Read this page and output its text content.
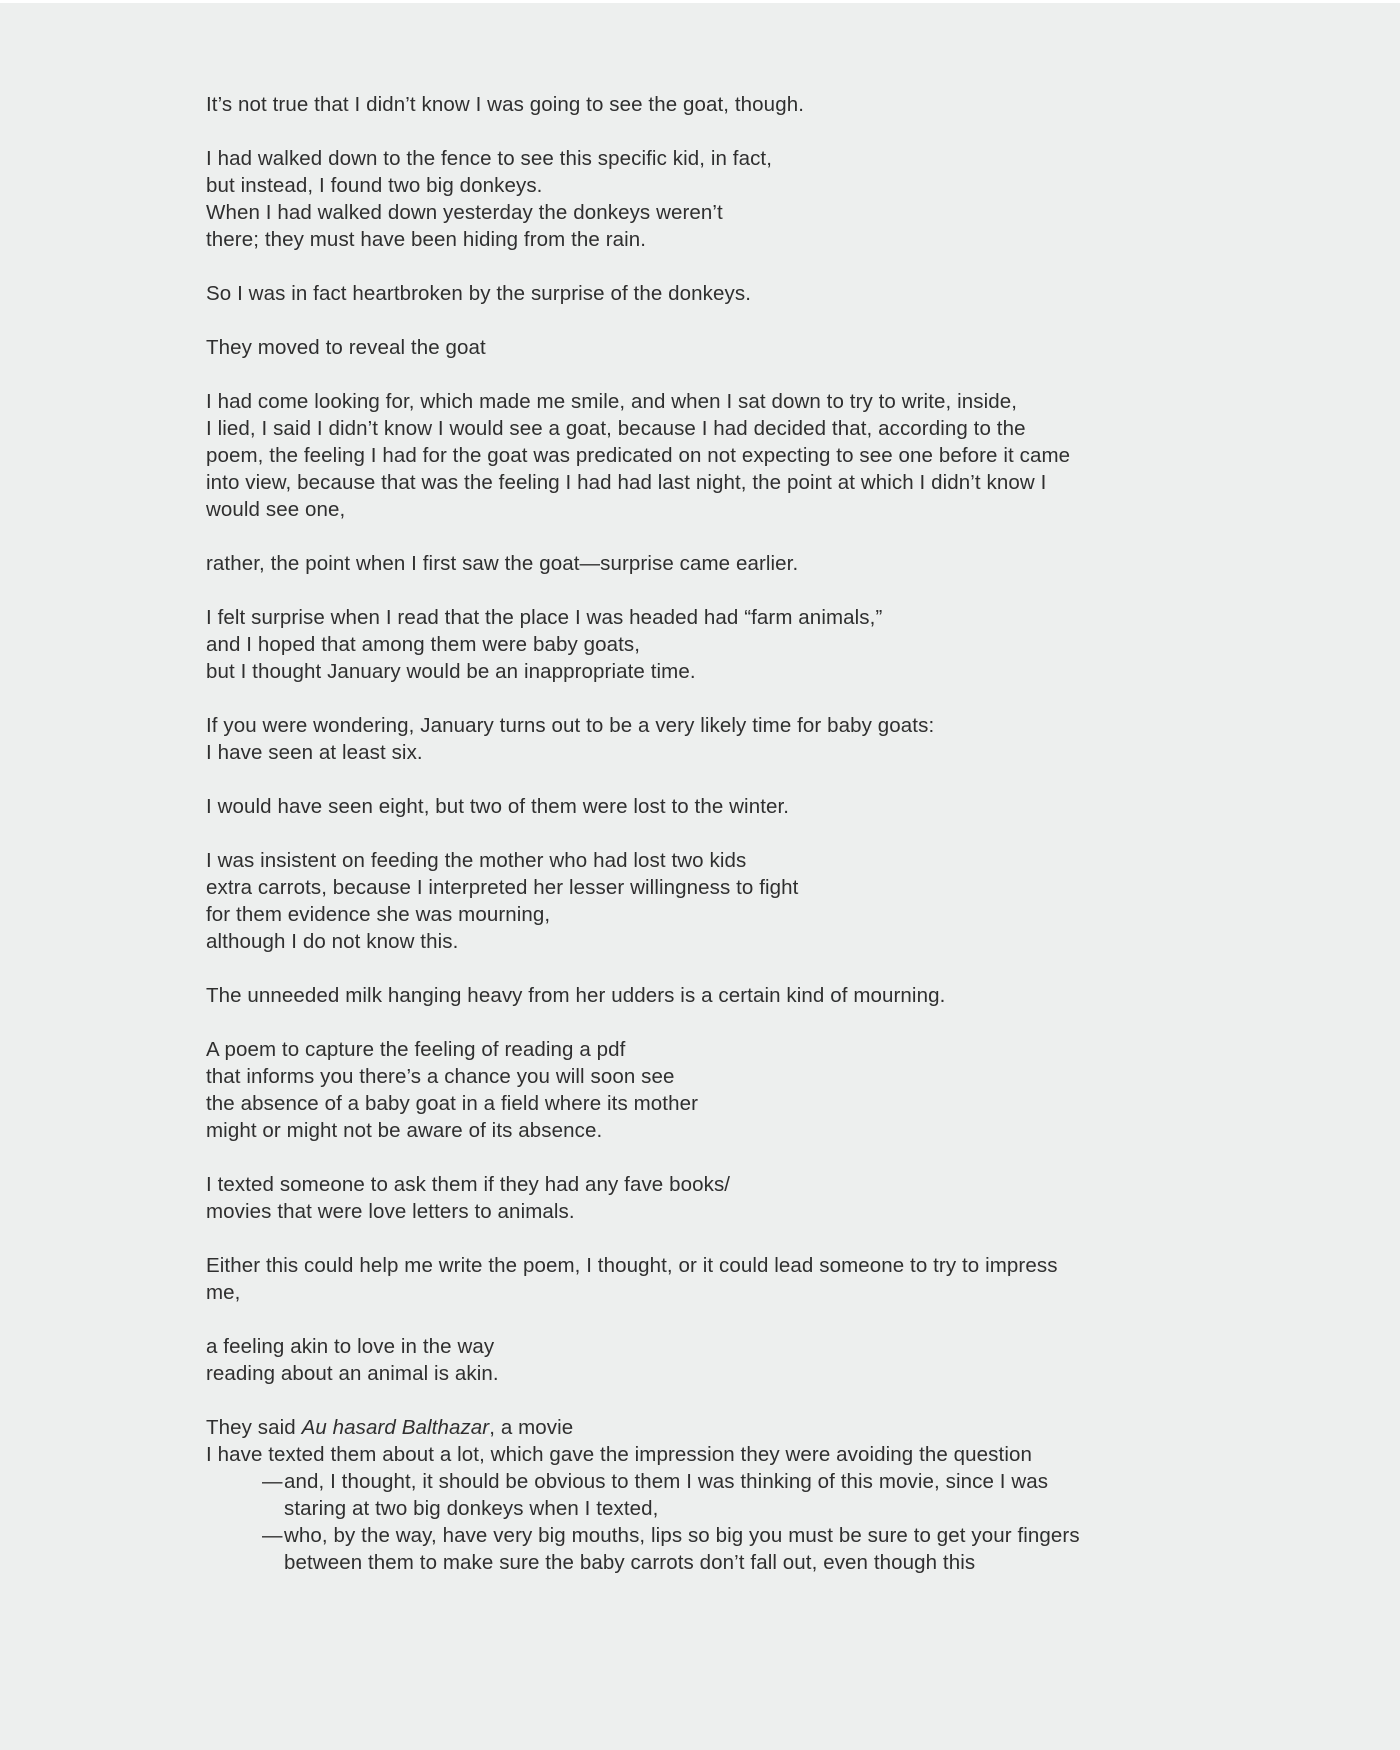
It’s not true that I didn’t know I was going to see the goat, though.
I had walked down to the fence to see this specific kid, in fact,
but instead, I found two big donkeys.
When I had walked down yesterday the donkeys weren’t
there; they must have been hiding from the rain.
So I was in fact heartbroken by the surprise of the donkeys.
They moved to reveal the goat
I had come looking for, which made me smile, and when I sat down to try to write, inside,
I lied, I said I didn’t know I would see a goat, because I had decided that, according to the
poem, the feeling I had for the goat was predicated on not expecting to see one before it came
into view, because that was the feeling I had had last night, the point at which I didn’t know I
would see one,
rather, the point when I first saw the goat—surprise came earlier.
I felt surprise when I read that the place I was headed had “farm animals,”
and I hoped that among them were baby goats,
but I thought January would be an inappropriate time.
If you were wondering, January turns out to be a very likely time for baby goats:
I have seen at least six.
I would have seen eight, but two of them were lost to the winter.
I was insistent on feeding the mother who had lost two kids
extra carrots, because I interpreted her lesser willingness to fight
for them evidence she was mourning,
although I do not know this.
The unneeded milk hanging heavy from her udders is a certain kind of mourning.
A poem to capture the feeling of reading a pdf
that informs you there’s a chance you will soon see
the absence of a baby goat in a field where its mother
might or might not be aware of its absence.
I texted someone to ask them if they had any fave books/
movies that were love letters to animals.
Either this could help me write the poem, I thought, or it could lead someone to try to impress
me,
a feeling akin to love in the way
reading about an animal is akin.
They said Au hasard Balthazar, a movie
I have texted them about a lot, which gave the impression they were avoiding the question
— and, I thought, it should be obvious to them I was thinking of this movie, since I was staring at two big donkeys when I texted,
— who, by the way, have very big mouths, lips so big you must be sure to get your fingers between them to make sure the baby carrots don’t fall out, even though this
